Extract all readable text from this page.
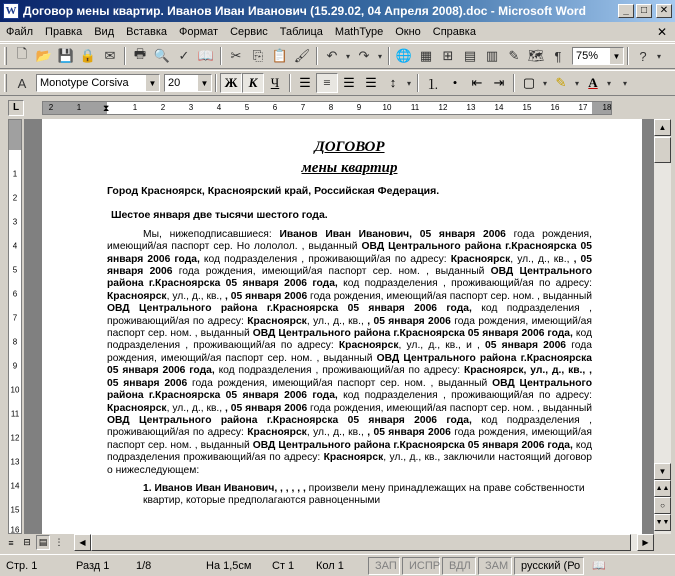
W Договор мены квартир. Иванов Иван Иванович (15.29.02, 04 Апреля 2008).doc - Microsoft Word	_	□	✕
Файл	Правка	Вид	Вставка	Формат	Сервис	Таблица	MathType	Окно	Справка	✕
🗋 📂 💾 🔒 ✉	🖶 🔍 ✓ 📖	✂ ⎘ 📋 🖌	↶	▾ ↷	▾ 🌐 ▦ ⊞ ▤ ▥ ✎ 🗺 ¶	75%	▼	?	▾
A	Monotype Corsiva	▼ 20	▼	Ж К	Ч	☰ ≡ ☰ ☰ ↕	▾	⒈	•	⇤ ⇥	▢ ▾ ✎	▾ A	▾	▾
L	2	1	1	2	3	4	5	6	7	8	9	10 11 12 13 14 15 16 17 18
⧗
1
2
3
4
5
6
7
8
9
10
11
12
13
14
15
16
ДОГОВОР
мены квартир
Город Красноярск, Красноярский край, Российская Федерация.
Шестое января две тысячи шестого года.
Мы, нижеподписавшиеся: Иванов Иван Иванович, 05 января 2006 года рождения, имеющий/ая паспорт сер. Но лололол. , выданный ОВД Центрального района г.Красноярска 05 января 2006 года, код подразделения , проживающий/ая по адресу: Красноярск, ул., д., кв., , 05 января 2006 года рождения, имеющий/ая паспорт сер. ном. , выданный ОВД Центрального района г.Красноярска 05 января 2006 года, код подразделения , проживающий/ая по адресу: Красноярск, ул., д., кв., , 05 января 2006 года рождения, имеющий/ая паспорт сер. ном. , выданный ОВД Центрального района г.Красноярска 05 января 2006 года, код подразделения , проживающий/ая по адресу: Красноярск, ул., д., кв., , 05 января 2006 года рождения, имеющий/ая паспорт сер. ном. , выданный ОВД Центрального района г.Красноярска 05 января 2006 года, код подразделения , проживающий/ая по адресу: Красноярск, ул., д., кв., и , 05 января 2006 года рождения, имеющий/ая паспорт сер. ном. , выданный ОВД Центрального района г.Красноярска 05 января 2006 года, код подразделения , проживающий/ая по адресу: Красноярск, ул., д., кв., , 05 января 2006 года рождения, имеющий/ая паспорт сер. ном. , выданный ОВД Центрального района г.Красноярска 05 января 2006 года, код подразделения , проживающий/ая по адресу: Красноярск, ул., д., кв., , 05 января 2006 года рождения, имеющий/ая паспорт сер. ном. , выданный ОВД Центрального района г.Красноярска 05 января 2006 года, код подразделения , проживающий/ая по адресу: Красноярск, ул., д., кв., , 05 января 2006 года рождения, имеющий/ая паспорт сер. ном. , выданный ОВД Центрального района г.Красноярска 05 января 2006 года, код подразделения проживающий/ая по адресу: Красноярск, ул., д., кв., заключили настоящий договор о нижеследующем:
1. Иванов Иван Иванович, , , , , , произвели мену принадлежащих на праве собственности квартир, которые предполагаются равноценными
▲
▼
▲▲
○
▼▼
≡	⊟ ▤ ⋮	◀	▶
Стр. 1	Разд 1	1/8	На 1,5см	Ст 1	Кол 1	ЗАП	ИСПР ВДЛ	ЗАМ	русский (Ро	📖
